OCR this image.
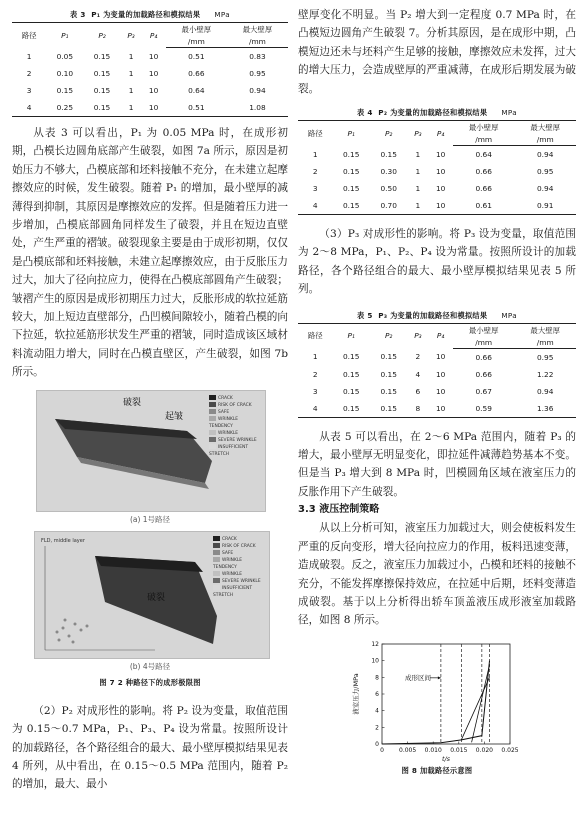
表 3 P₁ 为变量的加载路径和模拟结果 MPa
路径	P₁	P₂	P₃	P₄	最小壁厚	最大壁厚
					/mm	/mm
1	0.05	0.15	1	10	0.51	0.83
2	0.10	0.15	1	10	0.66	0.95
3	0.15	0.15	1	10	0.64	0.94
4	0.25	0.15	1	10	0.51	1.08
从表 3 可以看出，P₁ 为 0.05 MPa 时，在成形初期，凸模长边圆角底部产生破裂，如图 7a 所示，原因是初始压力不够大，凸模底部和坯料接触不充分，在未建立起摩擦效应的时候，发生破裂。随着 P₁ 的增加，最小壁厚的减薄得到抑制，其原因是摩擦效应的发挥。但是随着压力进一步增加，凸模底部圆角同样发生了破裂，并且在短边直壁处，产生严重的褶皱。破裂现象主要是由于成形初期，仅仅是凸模底部和坯料接触，未建立起摩擦效应，由于反胀压力过大，加大了径向拉应力，使得在凸模底部圆角产生破裂；皱褶产生的原因是成形初期压力过大，反胀形成的软拉延筋较大，加上短边直壁部分，凸凹模间隙较小，随着凸模的向下拉延，软拉延筋形状发生严重的褶皱，同时造成该区域材料流动阻力增大，同时在凸模直壁区，产生破裂，如图 7b 所示。
破裂
起皱
CRACK
RISK OF CRACK
SAFE
WRINKLE TENDENCY
WRINKLE
SEVERE WRINKLE
INSUFFICIENT STRETCH
(a) 1号路径
FLD, middle layer
破裂
CRACK
RISK OF CRACK
SAFE
WRINKLE TENDENCY
WRINKLE
SEVERE WRINKLE
INSUFFICIENT STRETCH
(b) 4号路径
图 7 2 种路径下的成形极限图
（2）P₂ 对成形性的影响。将 P₂ 设为变量，取值范围为 0.15～0.7 MPa，P₁、P₃、P₄ 设为常量。按照所设计的加载路径，各个路径组合的最大、最小壁厚模拟结果见表 4 所列，从中看出，在 0.15～0.5 MPa 范围内，随着 P₂ 的增加，最大、最小
壁厚变化不明显。当 P₂ 增大到一定程度 0.7 MPa 时，在凸模短边圆角产生破裂 7。分析其原因，是在成形中期，凸模短边还未与坯料产生足够的接触，摩擦效应未发挥，过大的增大压力，会造成壁厚的严重减薄，在成形后期发展为破裂。
表 4 P₂ 为变量的加载路径和模拟结果 MPa
路径	P₁	P₂	P₃	P₄	最小壁厚	最大壁厚
					/mm	/mm
1	0.15	0.15	1	10	0.64	0.94
2	0.15	0.30	1	10	0.66	0.95
3	0.15	0.50	1	10	0.66	0.94
4	0.15	0.70	1	10	0.61	0.91
（3）P₃ 对成形性的影响。将 P₃ 设为变量，取值范围为 2～8 MPa，P₁、P₂、P₄ 设为常量。按照所设计的加载路径，各个路径组合的最大、最小壁厚模拟结果见表 5 所列。
表 5 P₃ 为变量的加载路径和模拟结果 MPa
路径	P₁	P₂	P₃	P₄	最小壁厚	最大壁厚
					/mm	/mm
1	0.15	0.15	2	10	0.66	0.95
2	0.15	0.15	4	10	0.66	1.22
3	0.15	0.15	6	10	0.67	0.94
4	0.15	0.15	8	10	0.59	1.36
从表 5 可以看出，在 2～6 MPa 范围内，随着 P₃ 的增大，最小壁厚无明显变化，即拉延件减薄趋势基本不变。但是当 P₃ 增大到 8 MPa 时，凹模圆角区域在液室压力的反胀作用下产生破裂。
3.3 液压控制策略
从以上分析可知，液室压力加载过大，则会使板料发生严重的反向变形，增大径向拉应力的作用，板料迅速变薄，造成破裂。反之，液室压力加载过小，凸模和坯料的接触不充分，不能发挥摩擦保持效应，在拉延中后期，坯料变薄造成破裂。基于以上分析得出轿车顶盖液压成形液室加载路径，如图 8 所示。
0
2
4
6
8
10
12
0	0.005 0.010 0.015 0.020 0.025
液室压力/MPa
t/s
成形区间
图 8 加载路径示意图
